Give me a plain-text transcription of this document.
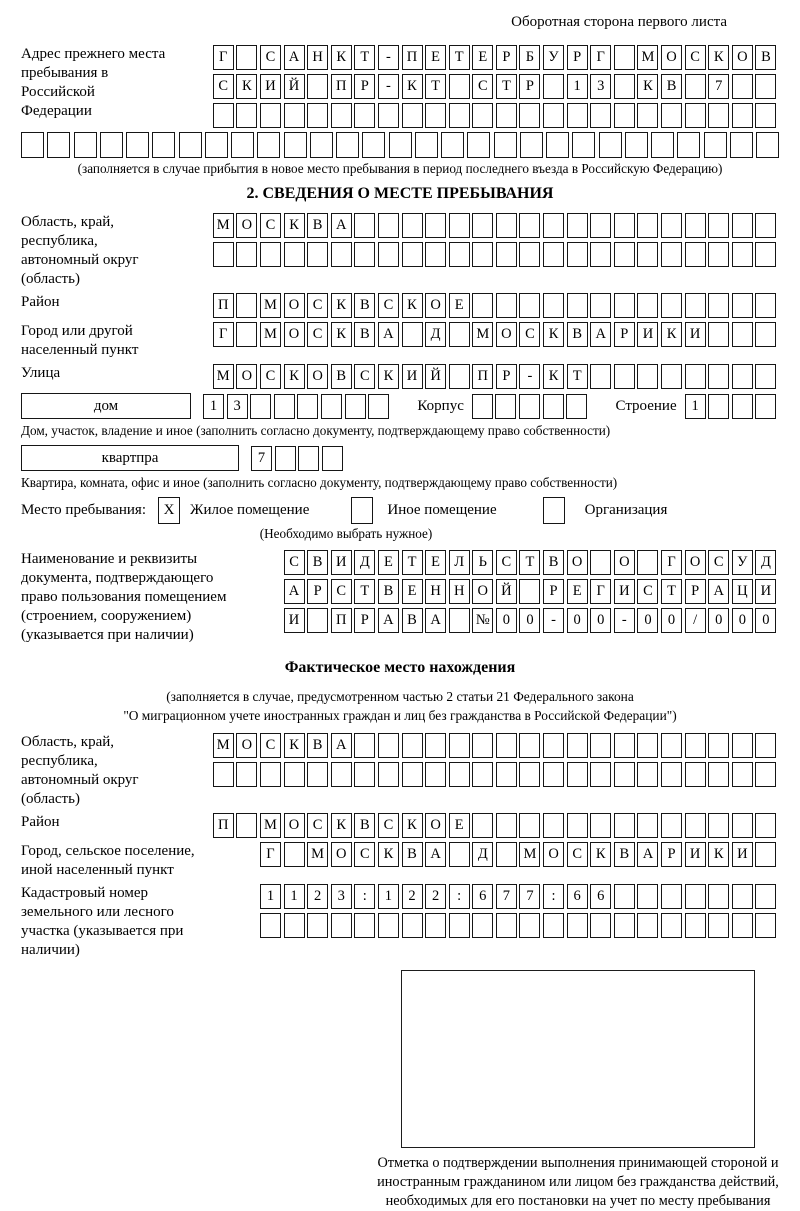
Оборотная сторона первого листа
Адрес прежнего места пребывания в Российской Федерации
Г	С А Н К Т	-	П Е	Т	Е	Р	Б У Р	Г	М О С К О В
С К И Й	П Р	-	К Т	С Т	Р	1	3	К В	7
(заполняется в случае прибытия в новое место пребывания в период последнего въезда в Российскую Федерацию)
2. СВЕДЕНИЯ О МЕСТЕ ПРЕБЫВАНИЯ
Область, край, республика, автономный округ (область)
М О С К В А
Район	П	М О С К В С К О Е
Город или другой населенный пункт
Г	М О С К В А	Д	М О С К В А Р И К И
Улица	М О С К О В С К И Й	П Р	-	К Т
дом	1	3	Корпус	Строение	1
Дом, участок, владение и иное (заполнить согласно документу, подтверждающему право собственности)
квартпра	7
Квартира, комната, офис и иное (заполнить согласно документу, подтверждающему право собственности)
Место пребывания:	X	Жилое помещение	Иное помещение	Организация
(Необходимо выбрать нужное)
Наименование и реквизиты документа, подтверждающего право пользования помещением (строением, сооружением) (указывается при наличии)
С В И Д Е	Т	Е Л	Ь	С Т В О	О	Г О С У Д
А Р	С Т В Е Н Н О Й	Р	Е	Г И С Т	Р А Ц И
И	П Р А В А	№ 0	0	-	0	0	-	0	0	/	0	0	0
Фактическое место нахождения
(заполняется в случае, предусмотренном частью 2 статьи 21 Федерального закона
"О миграционном учете иностранных граждан и лиц без гражданства в Российской Федерации")
Область, край, республика, автономный округ (область)
М О С К В А
Район	П	М О С К В С К О Е
Город, сельское поселение, иной населенный пункт
Г	М О С К В А	Д	М О С К В А Р И К И
Кадастровый номер земельного или лесного участка (указывается при наличии)
1	1	2	3	:	1	2	2	:	6	7	7	:	6	6
Отметка о подтверждении выполнения принимающей стороной и иностранным гражданином или лицом без гражданства действий, необходимых для его постановки на учет по месту пребывания
